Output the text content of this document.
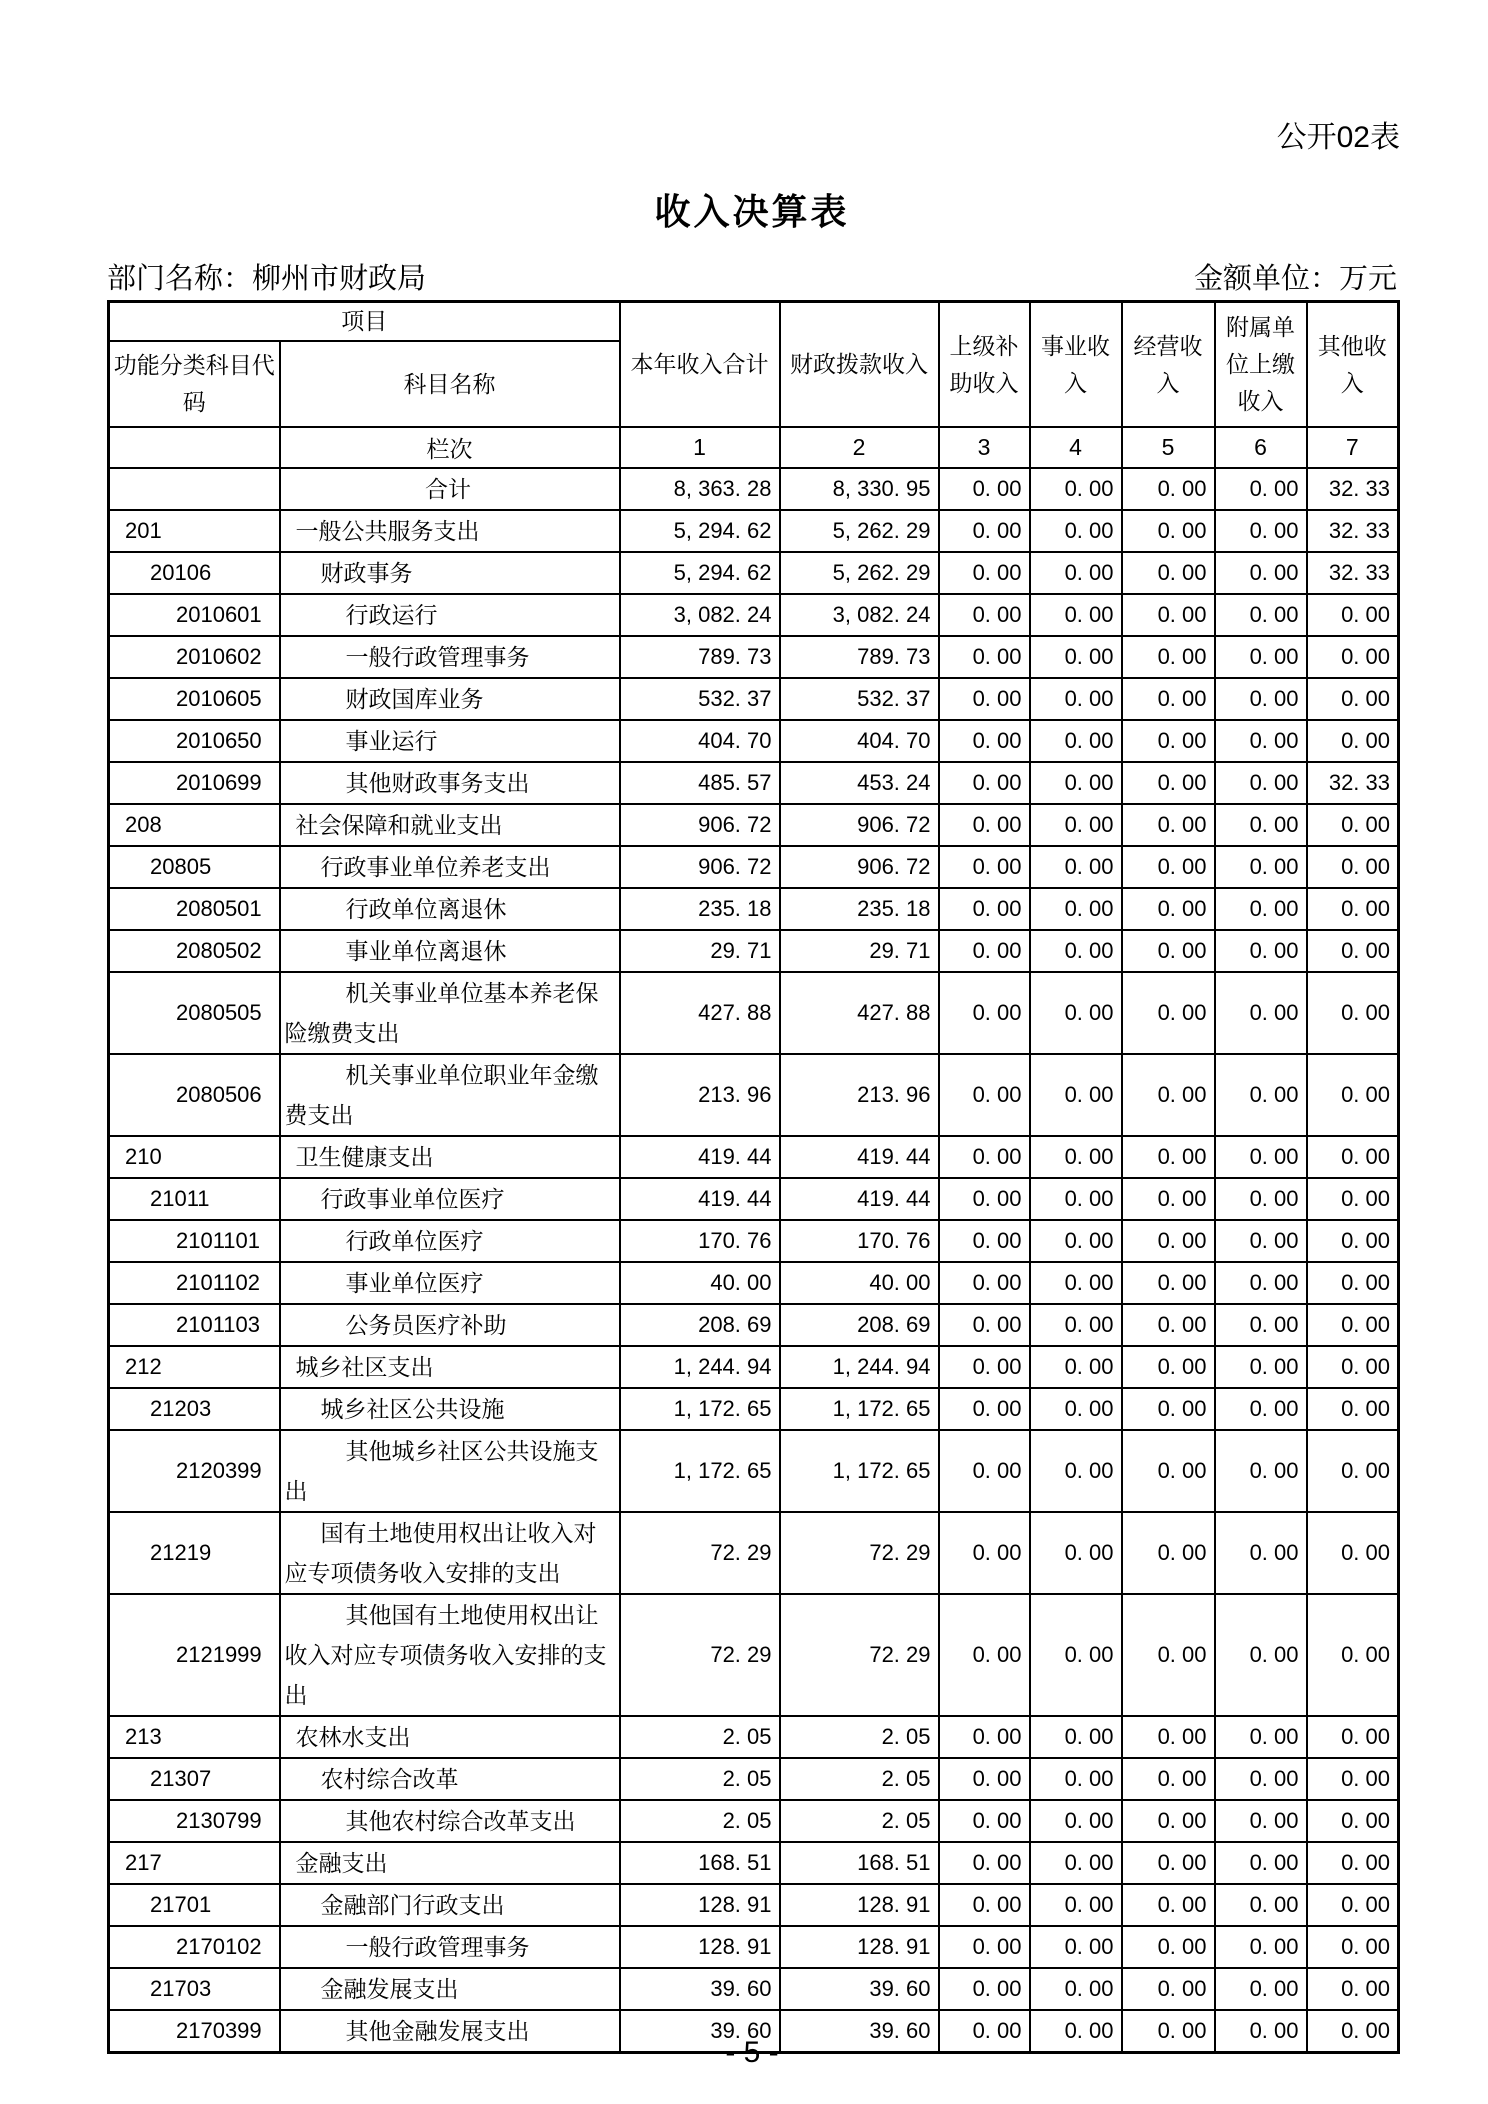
公开02表
收入决算表
部门名称：柳州市财政局	金额单位：万元
项目		本年收入合计	财政拨款收入	上级补助收入	事业收入	经营收入	附属单位上缴收入	其他收入
功能分类科目代码	科目名称							
	栏次	1	2	3	4	5	6	7
	合计	8, 363. 28	8, 330. 95	0. 00	0. 00	0. 00	0. 00	32. 33
201	一般公共服务支出	5, 294. 62	5, 262. 29	0. 00	0. 00	0. 00	0. 00	32. 33
20106	财政事务	5, 294. 62	5, 262. 29	0. 00	0. 00	0. 00	0. 00	32. 33
2010601	行政运行	3, 082. 24	3, 082. 24	0. 00	0. 00	0. 00	0. 00	0. 00
2010602	一般行政管理事务	789. 73	789. 73	0. 00	0. 00	0. 00	0. 00	0. 00
2010605	财政国库业务	532. 37	532. 37	0. 00	0. 00	0. 00	0. 00	0. 00
2010650	事业运行	404. 70	404. 70	0. 00	0. 00	0. 00	0. 00	0. 00
2010699	其他财政事务支出	485. 57	453. 24	0. 00	0. 00	0. 00	0. 00	32. 33
208	社会保障和就业支出	906. 72	906. 72	0. 00	0. 00	0. 00	0. 00	0. 00
20805	行政事业单位养老支出	906. 72	906. 72	0. 00	0. 00	0. 00	0. 00	0. 00
2080501	行政单位离退休	235. 18	235. 18	0. 00	0. 00	0. 00	0. 00	0. 00
2080502	事业单位离退休	29. 71	29. 71	0. 00	0. 00	0. 00	0. 00	0. 00
2080505	机关事业单位基本养老保险缴费支出	427. 88	427. 88	0. 00	0. 00	0. 00	0. 00	0. 00
2080506	机关事业单位职业年金缴费支出	213. 96	213. 96	0. 00	0. 00	0. 00	0. 00	0. 00
210	卫生健康支出	419. 44	419. 44	0. 00	0. 00	0. 00	0. 00	0. 00
21011	行政事业单位医疗	419. 44	419. 44	0. 00	0. 00	0. 00	0. 00	0. 00
2101101	行政单位医疗	170. 76	170. 76	0. 00	0. 00	0. 00	0. 00	0. 00
2101102	事业单位医疗	40. 00	40. 00	0. 00	0. 00	0. 00	0. 00	0. 00
2101103	公务员医疗补助	208. 69	208. 69	0. 00	0. 00	0. 00	0. 00	0. 00
212	城乡社区支出	1, 244. 94	1, 244. 94	0. 00	0. 00	0. 00	0. 00	0. 00
21203	城乡社区公共设施	1, 172. 65	1, 172. 65	0. 00	0. 00	0. 00	0. 00	0. 00
2120399	其他城乡社区公共设施支出	1, 172. 65	1, 172. 65	0. 00	0. 00	0. 00	0. 00	0. 00
21219	国有土地使用权出让收入对应专项债务收入安排的支出	72. 29	72. 29	0. 00	0. 00	0. 00	0. 00	0. 00
2121999	其他国有土地使用权出让收入对应专项债务收入安排的支出	72. 29	72. 29	0. 00	0. 00	0. 00	0. 00	0. 00
213	农林水支出	2. 05	2. 05	0. 00	0. 00	0. 00	0. 00	0. 00
21307	农村综合改革	2. 05	2. 05	0. 00	0. 00	0. 00	0. 00	0. 00
2130799	其他农村综合改革支出	2. 05	2. 05	0. 00	0. 00	0. 00	0. 00	0. 00
217	金融支出	168. 51	168. 51	0. 00	0. 00	0. 00	0. 00	0. 00
21701	金融部门行政支出	128. 91	128. 91	0. 00	0. 00	0. 00	0. 00	0. 00
2170102	一般行政管理事务	128. 91	128. 91	0. 00	0. 00	0. 00	0. 00	0. 00
21703	金融发展支出	39. 60	39. 60	0. 00	0. 00	0. 00	0. 00	0. 00
2170399	其他金融发展支出	39. 60	39. 60	0. 00	0. 00	0. 00	0. 00	0. 00
- 5 -
